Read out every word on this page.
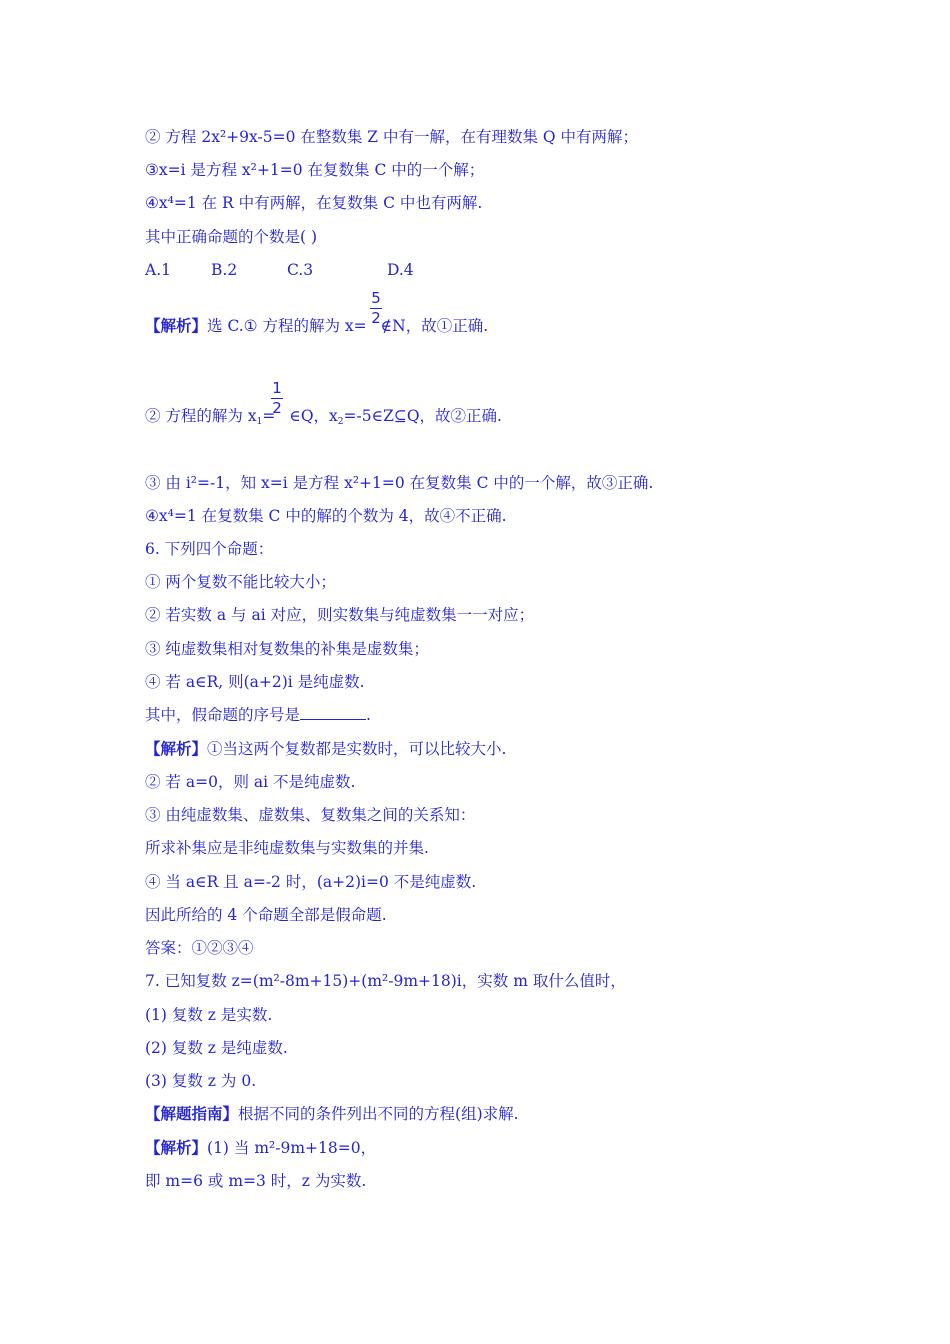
② 方程 2x²+9x-5=0 在整数集 Z 中有一解，在有理数集 Q 中有两解；
③x=i 是方程 x²+1=0 在复数集 C 中的一个解；
④x⁴=1 在 R 中有两解，在复数集 C 中也有两解.
其中正确命题的个数是( )
A.1	B.2	C.3	D.4
【解析】选 C.① 方程的解为 x= ∉N，故①正确.
5
2
② 方程的解为 $x_1=$ ∈Q，$x_2=-5\in Z⊆Q$，故②正确.
1
2
③ 由 i²=-1，知 x=i 是方程 x²+1=0 在复数集 C 中的一个解，故③正确.
④x⁴=1 在复数集 C 中的解的个数为 4，故④不正确.
6. 下列四个命题：
① 两个复数不能比较大小；
② 若实数 a 与 ai 对应，则实数集与纯虚数集一一对应；
③ 纯虚数集相对复数集的补集是虚数集；
④ 若 a∈R, 则(a+2)i 是纯虚数.
其中，假命题的序号是	.
【解析】①当这两个复数都是实数时，可以比较大小.
② 若 a=0，则 ai 不是纯虚数.
③ 由纯虚数集、虚数集、复数集之间的关系知：
所求补集应是非纯虚数集与实数集的并集.
④ 当 a∈R 且 a=-2 时，(a+2)i=0 不是纯虚数.
因此所给的 4 个命题全部是假命题.
答案：①②③④
7. 已知复数 z=(m²-8m+15)+(m²-9m+18)i，实数 m 取什么值时，
(1) 复数 z 是实数.
(2) 复数 z 是纯虚数.
(3) 复数 z 为 0.
【解题指南】根据不同的条件列出不同的方程(组)求解.
【解析】(1) 当 m²-9m+18=0，
即 m=6 或 m=3 时，z 为实数.
